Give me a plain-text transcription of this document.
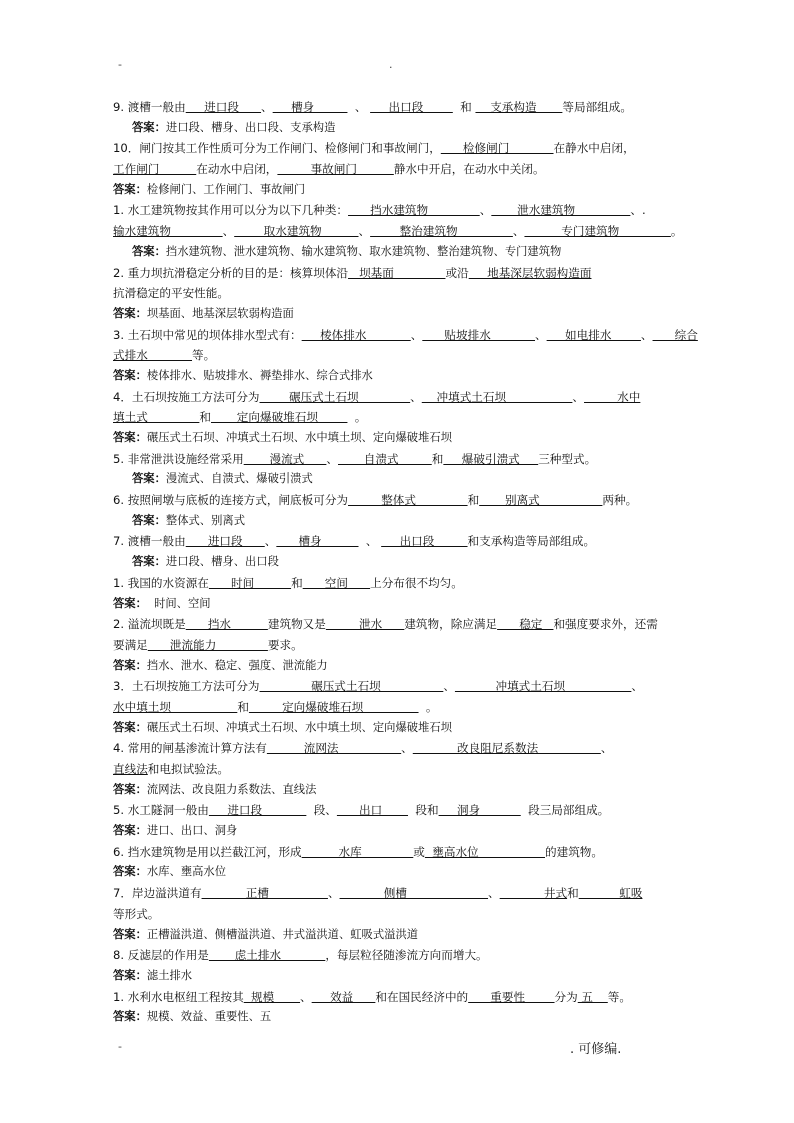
-	.
9. 渡槽一般由     进口段      、     槽身           、      出口段          和     支承构造       等局部组成。
答案：进口段、槽身、出口段、支承构造
10．闸门按其工作性质可分为工作闸门、检修闸门和事故闸门，      检修闸门            在静水中启闭，
工作闸门          在动水中启闭，         事故闸门          静水中开启，在动水中关闭。
答案：检修闸门、工作闸门、事故闸门
1. 水工建筑物按其作用可以分为以下几种类：      挡水建筑物              、       泄水建筑物               、.
输水建筑物              、        取水建筑物          、        整治建筑物               、          专门建筑物              。
答案：挡水建筑物、泄水建筑物、输水建筑物、取水建筑物、整治建筑物、专门建筑物
2. 重力坝抗滑稳定分析的目的是：核算坝体沿   坝基面              或沿     地基深层软弱构造面
抗滑稳定的平安性能。
答案：坝基面、地基深层软弱构造面
3. 土石坝中常见的坝体排水型式有：     棱体排水            、      贴坡排水            、     如电排水        、      综合
式排水            等。
答案：棱体排水、贴坡排水、褥垫排水、综合式排水
4．土石坝按施工方法可分为        碾压式土石坝              、    冲填式土石坝                  、         水中
填土式              和       定向爆破堆石坝          。
答案：碾压式土石坝、冲填式土石坝、水中填土坝、定向爆破堆石坝
5. 非常泄洪设施经常采用       漫流式      、       自溃式         和     爆破引溃式     三种型式。
答案：漫流式、自溃式、爆破引溃式
6. 按照闸墩与底板的连接方式，闸底板可分为         整体式              和       别离式                 两种。
答案：整体式、别离式
7. 渡槽一般由      进口段      、      槽身            、      出口段         和支承构造等局部组成。
答案：进口段、槽身、出口段
1. 我国的水资源在      时间          和      空间      上分布很不均匀。
答案：  时间、空间
2. 溢流坝既是      挡水          建筑物又是         泄水      建筑物，除应满足      稳定   和强度要求外，还需
要满足      泄流能力              要求。
答案：挡水、泄水、稳定、强度、泄流能力
3．土石坝按施工方法可分为              碾压式土石坝                 、           冲填式土石坝                  、
水中填土坝                  和         定向爆破堆石坝                 。
答案：碾压式土石坝、冲填式土石坝、水中填土坝、定向爆破堆石坝
4. 常用的闸基渗流计算方法有          流网法                 、            改良阻尼系数法                 、
直线法和电拟试验法。
答案：流网法、改良阻力系数法、直线法
5. 水工隧洞一般由     进口段              段、      出口         段和     洞身             段三局部组成。
答案：进口、出口、洞身
6. 挡水建筑物是用以拦截江河，形成          水库              或  壅高水位                  的建筑物。
答案：水库、壅高水位
7．岸边溢洪道有            正槽                、            侧槽                      、            井式和           虹吸
等形式。
答案：正槽溢洪道、侧槽溢洪道、井式溢洪道、虹吸式溢洪道
8. 反滤层的作用是       虑土排水            ，每层粒径随渗流方向而增大。
答案：滤土排水
1. 水利水电枢纽工程按其  规模       、     效益      和在国民经济中的      重要性        分为 五    等。
答案：规模、效益、重要性、五
-	. 可修编.
